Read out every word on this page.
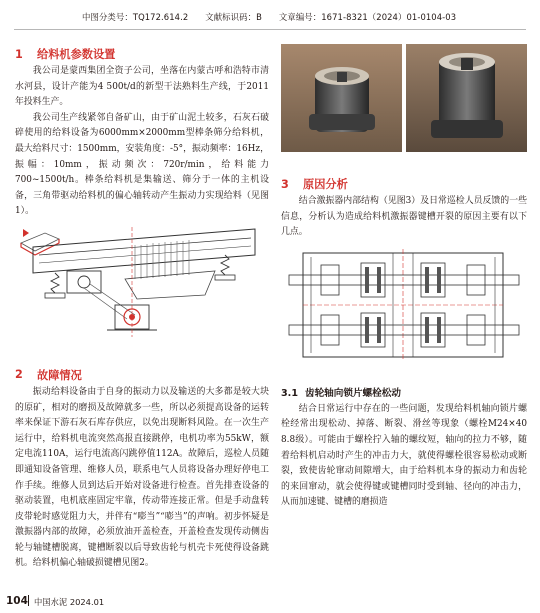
中图分类号：TQ172.614.2　　文献标识码：B　　文章编号：1671-8321（2024）01-0104-03
1	给料机参数设置

我公司是蒙西集团全资子公司，坐落在内蒙古呼和浩特市清水河县，设计产能为4 500t/d的新型干法熟料生产线，于2011年投料生产。

我公司生产线紧邻自备矿山，由于矿山泥土较多，石灰石破碎使用的给料设备为6000mm×2000mm型棒条筛分给料机，最大给料尺寸：1500mm，安装角度：-5°，振动频率：16Hz，振幅：10mm，振动频次：720r/min，给料能力700~1500t/h。棒条给料机是集输送、筛分于一体的主机设备，三角带驱动给料机的偏心轴转动产生振动力实现给料（见图1）。

2	故障情况

振动给料设备由于自身的振动力以及输送的大多都是较大块的原矿，相对的磨损及故障就多一些，所以必须提高设备的运转率来保证下游石灰石库存供应，以免出现断料风险。在一次生产运行中，给料机电流突然高报直接跳停，电机功率为55kW，额定电流110A，运行电流高闪跳停值112A。故障后，巡检人员随即通知设备管理、维修人员，联系电气人员将设备办理好停电工作手续。维修人员到达后开始对设备进行检查。首先排查设备的驱动装置，电机底座固定牢靠，传动带连接正常。但是手动盘转皮带轮时感觉阻力大，并伴有“嘭当”“嘭当”的声响。初步怀疑是激振器内部的故障，必须放油开盖检查，开盖检查发现传动侧齿轮与轴键槽脱离，键槽断裂以后导致齿轮与机壳卡死使得设备跳机。给料机偏心轴破损键槽见图2。

3	原因分析

结合激振器内部结构（见图3）及日常巡检人员反馈的一些信息，分析认为造成给料机激振器键槽开裂的原因主要有以下几点。

3.1 齿轮轴向锁片螺栓松动

结合日常运行中存在的一些问题，发现给料机轴向锁片螺栓经常出现松动、掉落、断裂、滑丝等现象（螺栓M24×40 8.8级）。可能由于螺栓拧入轴的螺纹短，轴向的拉力不够，随着给料机启动时产生的冲击力大，就使得螺栓很容易松动或断裂，致使齿轮窜动间隙增大，由于给料机本身的振动力和齿轮的来回窜动，就会使得键或键槽同时受到轴、径向的冲击力，从而加速键、键槽的磨损造

104 中国水泥 2024.01
